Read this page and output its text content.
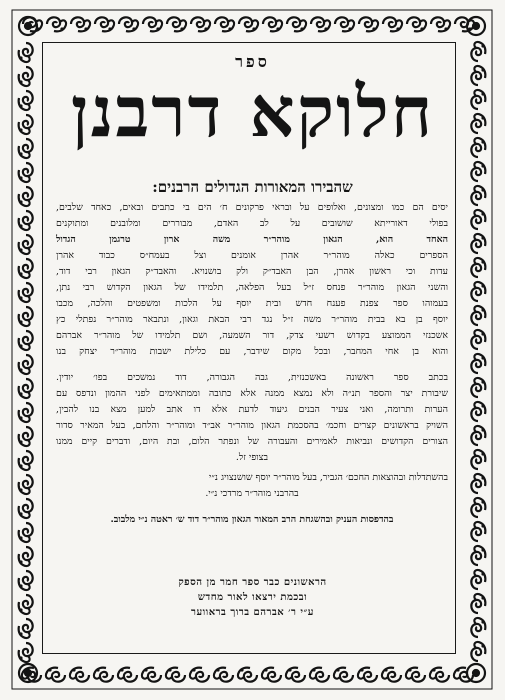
ספר
חלוקא דרבנן
שהבירו המאורות הגדולים הרבנים:
יסים הם כמו ומצונים, ואלופים על ובראי פרקונים ח׳ הים בי כתבים ובאים, כאחד שלבים,
בפולי דאורייתא שושובים על לב האדם, מבוררים ומלובנים ומתוקנים
האחד הוא, הגאון מוהר״ר משה ארון טרגמן הגדול
הספרים כאלה מוהר״ר אהרן אומנים וצל בעמח״ס כבוד אהרן
עדות וכי ראשון אהרן, הבן האבד״ק ולק בושנויא. והאבד״ק הגאון רבי דוד,
והשני הגאון מוהר״ר פנחס ז״ל בעל הפלאה, תלמידו של הגאון הקדוש רבי נתן,
בעמוהו ספר צפנת פענח חדש ובית יוסף על הלכות ומשפטים והלכה, מכבו
יוסף בן בא בבית מוהר״ר משה ז״ל נגד רבי הבאת וגאון, ונתבאר מוהר״ר נפתלי כץ
אשכנזי הממוצע בקדוש רשעי צדק, דור השמעה, ושם תלמידו של מוהר״ר אברהם
והוא בן אחי המחבר, ובכל מקום שידבר, עם כלילת ישבות מוהר״ר יצחק בנו
בכתב ספר ראשונה באשכנזית, גבה הגבורה, דוד נמשכים בפו׳ יודין.
שיבורת יצר והספר תנ״ה ולא נמצא ממנה אלא כתובה וממתאימים לפני ההמון ונדפס עם
הערות ותרומה, ואני צעיר הבנים גיעוד לדעת אלא דו אתב למען מצא בנו להבין,
השויק בראשונים קצרים וחכמ׳ בהסכמת הגאון מוהר״ר אב״ד ומוהר״ר והלחם, בעל המאיר סדור
הצורים הקדושים ונביאות לאמירים והעבורה של ונפתר הלום, ובת היום, ודברים קיים ממנו
בצופי זל.
בהשתדלות ובהוצאות החכם׳ הגביר, בעל מוהר״ר יוסף שושנצויג נ״י
בהרבני מוהר״ר מרדכי נ״י.
בהדפסות העניק ובהשגחת הרב המאור הגאון מוהר״ר דוד ש׳ ראטה נ״י מלבוב.
הראשונים כבר ספר חמר מן הספק
ובכמת ירצאו לאור מחדש
ע״י ר׳ אברהם ברוך בראווער
